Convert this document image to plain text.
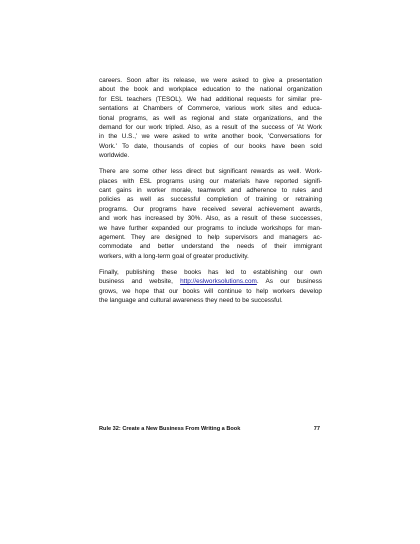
careers. Soon after its release, we were asked to give a presentation
about the book and workplace education to the national organization
for ESL teachers (TESOL). We had additional requests for similar pre-
sentations at Chambers of Commerce, various work sites and educa-
tional programs, as well as regional and state organizations, and the
demand for our work tripled. Also, as a result of the success of 'At Work
in the U.S.,' we were asked to write another book, 'Conversations for
Work.' To date, thousands of copies of our books have been sold
worldwide.

There are some other less direct but significant rewards as well. Work-
places with ESL programs using our materials have reported signifi-
cant gains in worker morale, teamwork and adherence to rules and
policies as well as successful completion of training or retraining
programs. Our programs have received several achievement awards,
and work has increased by 30%. Also, as a result of these successes,
we have further expanded our programs to include workshops for man-
agement. They are designed to help supervisors and managers ac-
commodate and better understand the needs of their immigrant
workers, with a long-term goal of greater productivity.

Finally, publishing these books has led to establishing our own
business and website, http://eslworksolutions.com. As our business
grows, we hope that our books will continue to help workers develop
the language and cultural awareness they need to be successful.

Rule 32: Create a New Business From Writing a Book	77
